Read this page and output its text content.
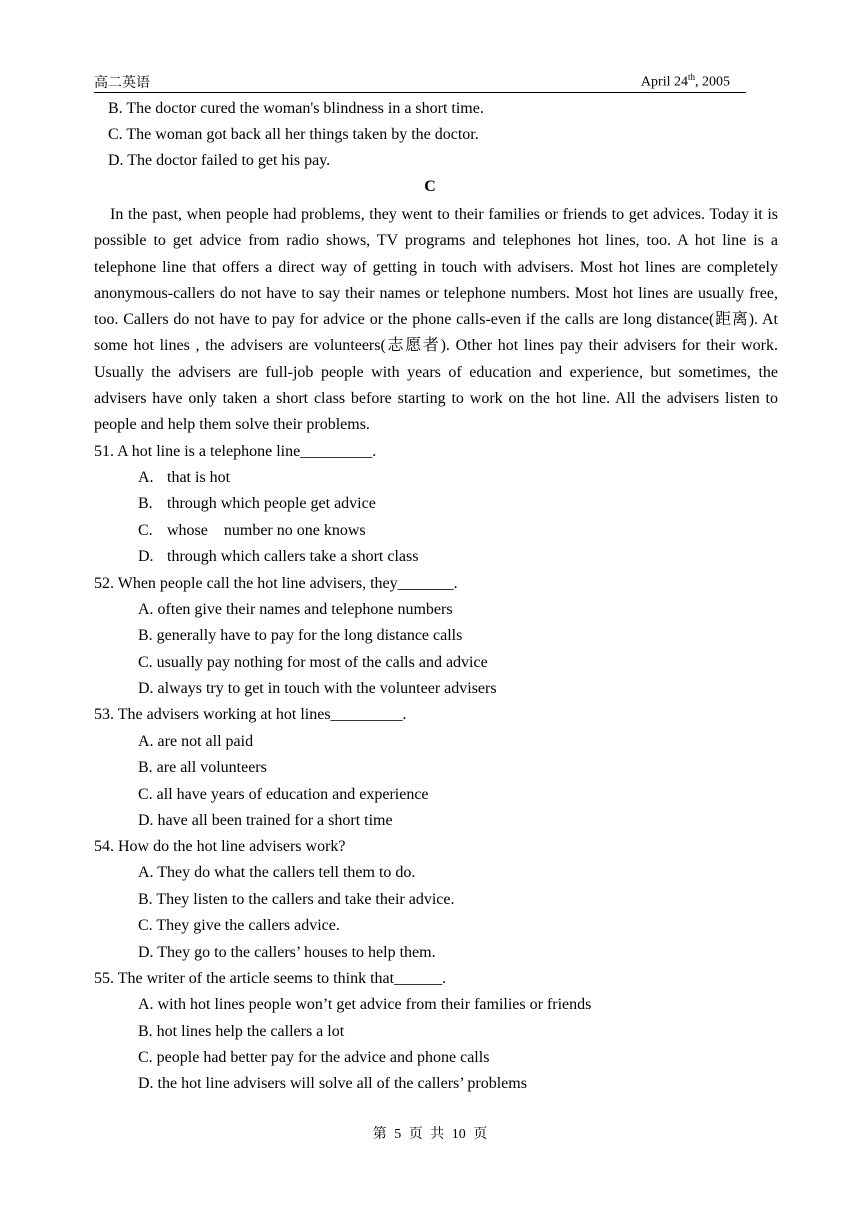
高二英语	April 24th, 2005
B. The doctor cured the woman's blindness in a short time.
C. The woman got back all her things taken by the doctor.
D. The doctor failed to get his pay.
C
In the past, when people had problems, they went to their families or friends to get advices. Today it is possible to get advice from radio shows, TV programs and telephones hot lines, too. A hot line is a telephone line that offers a direct way of getting in touch with advisers. Most hot lines are completely anonymous-callers do not have to say their names or telephone numbers. Most hot lines are usually free, too. Callers do not have to pay for advice or the phone calls-even if the calls are long distance(距离). At some hot lines , the advisers are volunteers(志愿者). Other hot lines pay their advisers for their work. Usually the advisers are full-job people with years of education and experience, but sometimes, the advisers have only taken a short class before starting to work on the hot line. All the advisers listen to people and help them solve their problems.
51. A hot line is a telephone line_________.
A. that is hot
B. through which people get advice
C. whose    number no one knows
D. through which callers take a short class
52. When people call the hot line advisers, they_______.
A. often give their names and telephone numbers
B. generally have to pay for the long distance calls
C. usually pay nothing for most of the calls and advice
D. always try to get in touch with the volunteer advisers
53. The advisers working at hot lines_________.
A. are not all paid
B. are all volunteers
C. all have years of education and experience
D. have all been trained for a short time
54. How do the hot line advisers work?
A. They do what the callers tell them to do.
B. They listen to the callers and take their advice.
C. They give the callers advice.
D. They go to the callers’ houses to help them.
55. The writer of the article seems to think that______.
A. with hot lines people won’t get advice from their families or friends
B. hot lines help the callers a lot
C. people had better pay for the advice and phone calls
D. the hot line advisers will solve all of the callers’ problems
第 5 页 共 10 页
